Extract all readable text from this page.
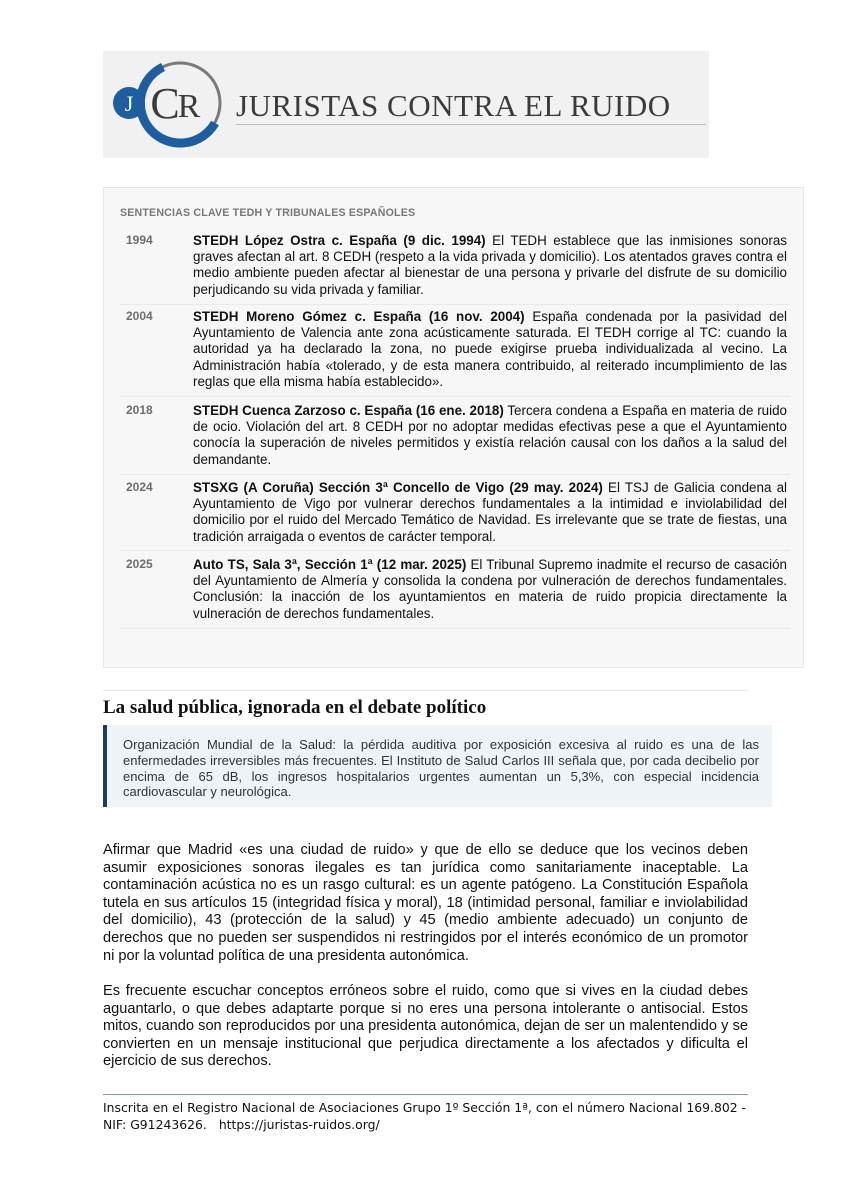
J C
R JURISTAS CONTRA EL RUIDO
SENTENCIAS CLAVE TEDH Y TRIBUNALES ESPAÑOLES
1994	STEDH López Ostra c. España (9 dic. 1994) El TEDH establece que las inmisiones sonoras graves afectan al art. 8 CEDH (respeto a la vida privada y domicilio). Los atentados graves contra el medio ambiente pueden afectar al bienestar de una persona y privarle del disfrute de su domicilio perjudicando su vida privada y familiar.
2004	STEDH Moreno Gómez c. España (16 nov. 2004) España condenada por la pasividad del Ayuntamiento de Valencia ante zona acústicamente saturada. El TEDH corrige al TC: cuando la autoridad ya ha declarado la zona, no puede exigirse prueba individualizada al vecino. La Administración había «tolerado, y de esta manera contribuido, al reiterado incumplimiento de las reglas que ella misma había establecido».
2018	STEDH Cuenca Zarzoso c. España (16 ene. 2018) Tercera condena a España en materia de ruido de ocio. Violación del art. 8 CEDH por no adoptar medidas efectivas pese a que el Ayuntamiento conocía la superación de niveles permitidos y existía relación causal con los daños a la salud del demandante.
2024	STSXG (A Coruña) Sección 3ª Concello de Vigo (29 may. 2024) El TSJ de Galicia condena al Ayuntamiento de Vigo por vulnerar derechos fundamentales a la intimidad e inviolabilidad del domicilio por el ruido del Mercado Temático de Navidad. Es irrelevante que se trate de fiestas, una tradición arraigada o eventos de carácter temporal.
2025	Auto TS, Sala 3ª, Sección 1ª (12 mar. 2025) El Tribunal Supremo inadmite el recurso de casación del Ayuntamiento de Almería y consolida la condena por vulneración de derechos fundamentales. Conclusión: la inacción de los ayuntamientos en materia de ruido propicia directamente la vulneración de derechos fundamentales.
La salud pública, ignorada en el debate político

Organización Mundial de la Salud: la pérdida auditiva por exposición excesiva al ruido es una de las enfermedades irreversibles más frecuentes. El Instituto de Salud Carlos III señala que, por cada decibelio por encima de 65 dB, los ingresos hospitalarios urgentes aumentan un 5,3%, con especial incidencia cardiovascular y neurológica.

Afirmar que Madrid «es una ciudad de ruido» y que de ello se deduce que los vecinos deben asumir exposiciones sonoras ilegales es tan jurídica como sanitariamente inaceptable. La contaminación acústica no es un rasgo cultural: es un agente patógeno. La Constitución Española tutela en sus artículos 15 (integridad física y moral), 18 (intimidad personal, familiar e inviolabilidad del domicilio), 43 (protección de la salud) y 45 (medio ambiente adecuado) un conjunto de derechos que no pueden ser suspendidos ni restringidos por el interés económico de un promotor ni por la voluntad política de una presidenta autonómica.

Es frecuente escuchar conceptos erróneos sobre el ruido, como que si vives en la ciudad debes aguantarlo, o que debes adaptarte porque si no eres una persona intolerante o antisocial. Estos mitos, cuando son reproducidos por una presidenta autonómica, dejan de ser un malentendido y se convierten en un mensaje institucional que perjudica directamente a los afectados y dificulta el ejercicio de sus derechos.

Inscrita en el Registro Nacional de Asociaciones Grupo 1º Sección 1ª, con el número Nacional 169.802 -
NIF: G91243626. https://juristas-ruidos.org/
